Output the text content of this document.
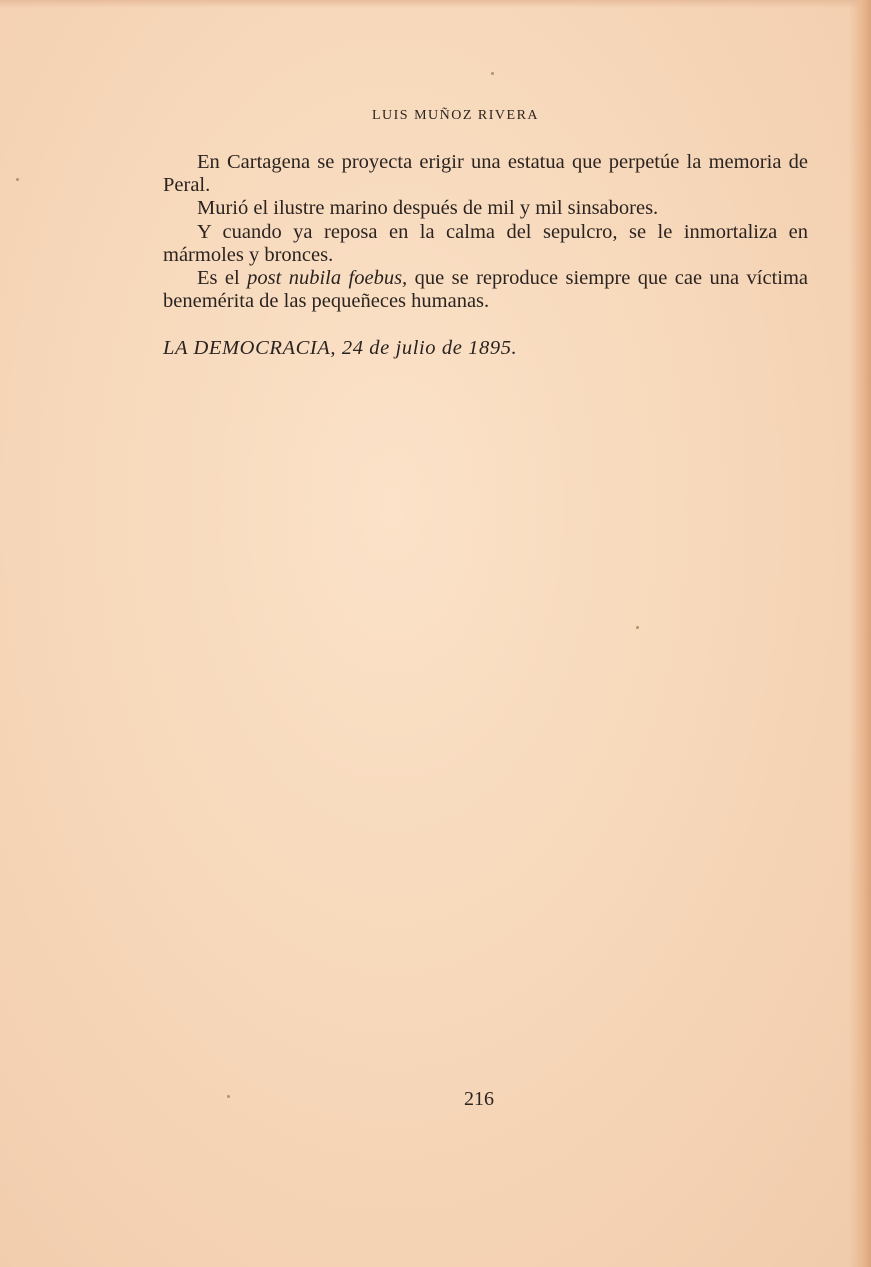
LUIS MUÑOZ RIVERA

En Cartagena se proyecta erigir una estatua que perpetúe la memoria de Peral.

Murió el ilustre marino después de mil y mil sinsabores.

Y cuando ya reposa en la calma del sepulcro, se le inmortaliza en mármoles y bronces.

Es el post nubila foebus, que se reproduce siempre que cae una víctima benemérita de las pequeñeces humanas.

LA DEMOCRACIA, 24 de julio de 1895.

216
